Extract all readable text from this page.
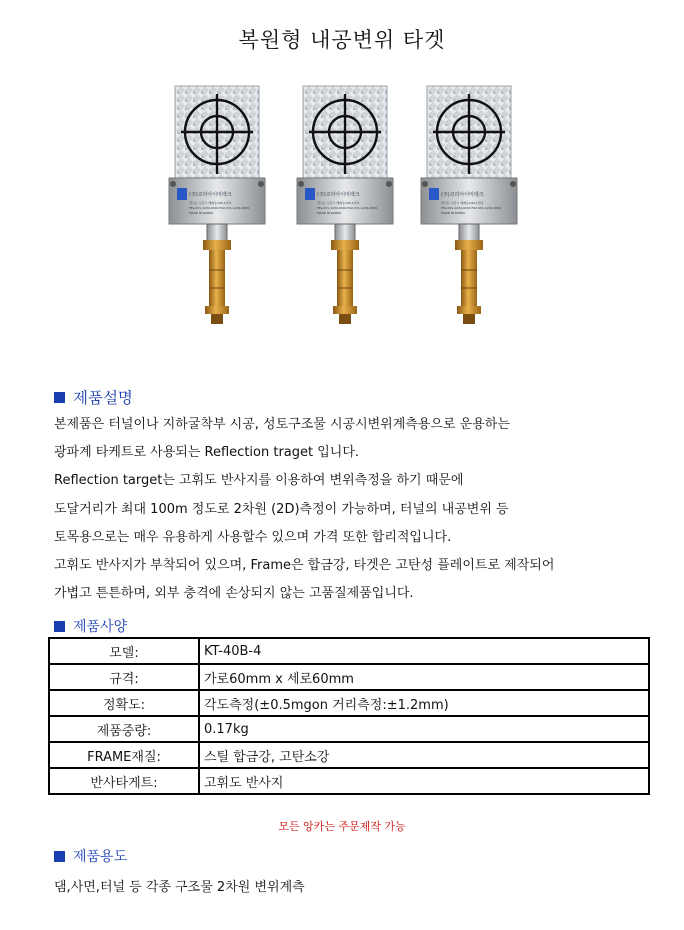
복원형 내공변위 타겟
(주)코리아이미테크	(주)코리아이미테크	(주)코리아이미테크
경기도 시흥시 매화동243-1번지
TEL.031-1234-0000 FAX.031-1234-0000
MADE IN KOREA
경기도 시흥시 매화동243-1번지
TEL.031-1234-0000 FAX.031-1234-0000
MADE IN KOREA
경기도 시흥시 매화동243-1번지
TEL.031-1234-0000 FAX.031-1234-0000
MADE IN KOREA
제품설명
본제품은 터널이나 지하굴착부 시공, 성토구조물 시공시변위계측용으로 운용하는
광파계 타케트로 사용되는 Reflection traget 입니다.
Reflection target는 고휘도 반사지를 이용하여 변위측정을 하기 때문에
도달거리가 최대 100m 정도로 2차원 (2D)측정이 가능하며, 터널의 내공변위 등
토목용으로는 매우 유용하게 사용할수 있으며 가격 또한 합리적입니다.
고휘도 반사지가 부착되어 있으며, Frame은 합금강, 타겟은 고탄성 플레이트로 제작되어
가볍고 튼튼하며, 외부 충격에 손상되지 않는 고품질제품입니다.
제품사양
모델:	KT-40B-4
규격:	가로60mm x 세로60mm
정확도:	각도측정(±0.5mgon 거리측정:±1.2mm)
제품중량:	0.17kg
FRAME재질:	스틸 합금강, 고탄소강
반사타게트:	고휘도 반사지
모든 앙카는 주문제작 가능
제품용도
댐,사면,터널 등 각종 구조물 2차원 변위계측
